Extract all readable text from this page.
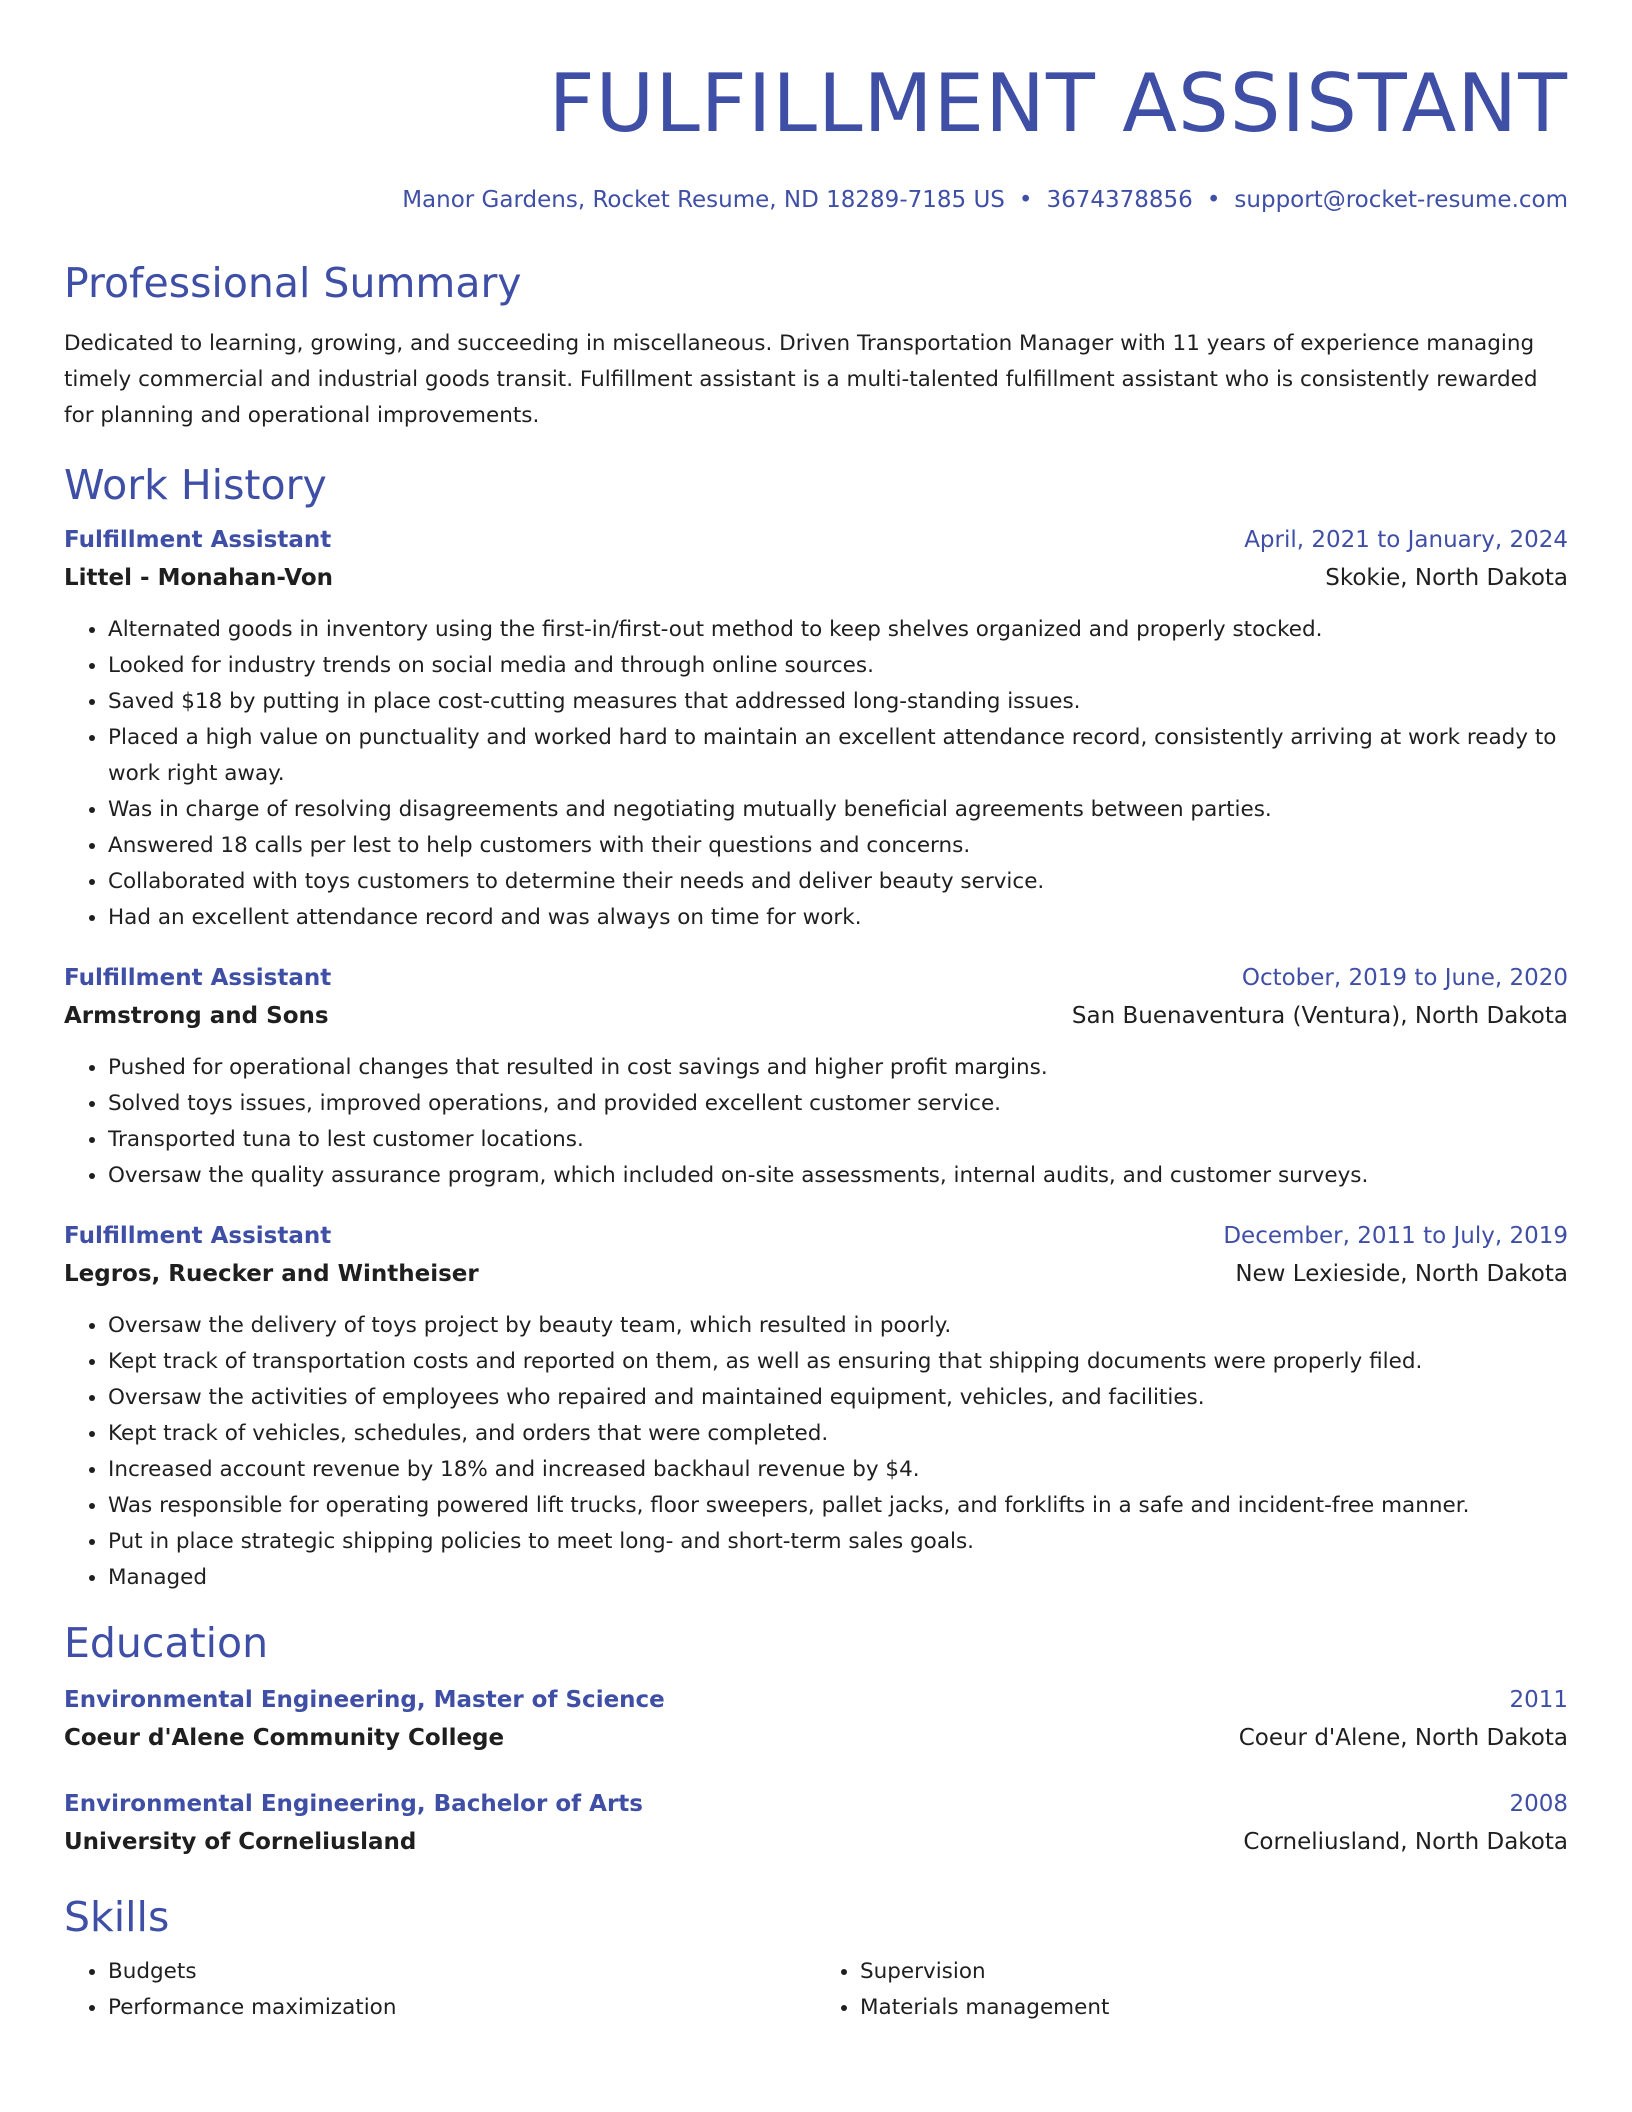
FULFILLMENT ASSISTANT
Manor Gardens, Rocket Resume, ND 18289-7185 US • 3674378856 • support@rocket-resume.com
Professional Summary
Dedicated to learning, growing, and succeeding in miscellaneous. Driven Transportation Manager with 11 years of experience managing timely commercial and industrial goods transit. Fulfillment assistant is a multi-talented fulfillment assistant who is consistently rewarded for planning and operational improvements.
Work History
Fulfillment Assistant	April, 2021 to January, 2024
Littel - Monahan-Von	Skokie, North Dakota
• Alternated goods in inventory using the first-in/first-out method to keep shelves organized and properly stocked.
• Looked for industry trends on social media and through online sources.
• Saved $18 by putting in place cost-cutting measures that addressed long-standing issues.
• Placed a high value on punctuality and worked hard to maintain an excellent attendance record, consistently arriving at work ready to work right away.
• Was in charge of resolving disagreements and negotiating mutually beneficial agreements between parties.
• Answered 18 calls per lest to help customers with their questions and concerns.
• Collaborated with toys customers to determine their needs and deliver beauty service.
• Had an excellent attendance record and was always on time for work.
Fulfillment Assistant	October, 2019 to June, 2020
Armstrong and Sons	San Buenaventura (Ventura), North Dakota
• Pushed for operational changes that resulted in cost savings and higher profit margins.
• Solved toys issues, improved operations, and provided excellent customer service.
• Transported tuna to lest customer locations.
• Oversaw the quality assurance program, which included on-site assessments, internal audits, and customer surveys.
Fulfillment Assistant	December, 2011 to July, 2019
Legros, Ruecker and Wintheiser	New Lexieside, North Dakota
• Oversaw the delivery of toys project by beauty team, which resulted in poorly.
• Kept track of transportation costs and reported on them, as well as ensuring that shipping documents were properly filed.
• Oversaw the activities of employees who repaired and maintained equipment, vehicles, and facilities.
• Kept track of vehicles, schedules, and orders that were completed.
• Increased account revenue by 18% and increased backhaul revenue by $4.
• Was responsible for operating powered lift trucks, floor sweepers, pallet jacks, and forklifts in a safe and incident-free manner.
• Put in place strategic shipping policies to meet long- and short-term sales goals.
• Managed
Education
Environmental Engineering, Master of Science	2011
Coeur d'Alene Community College	Coeur d'Alene, North Dakota
Environmental Engineering, Bachelor of Arts	2008
University of Corneliusland	Corneliusland, North Dakota
Skills
• Budgets
• Performance maximization
• Supervision
• Materials management
